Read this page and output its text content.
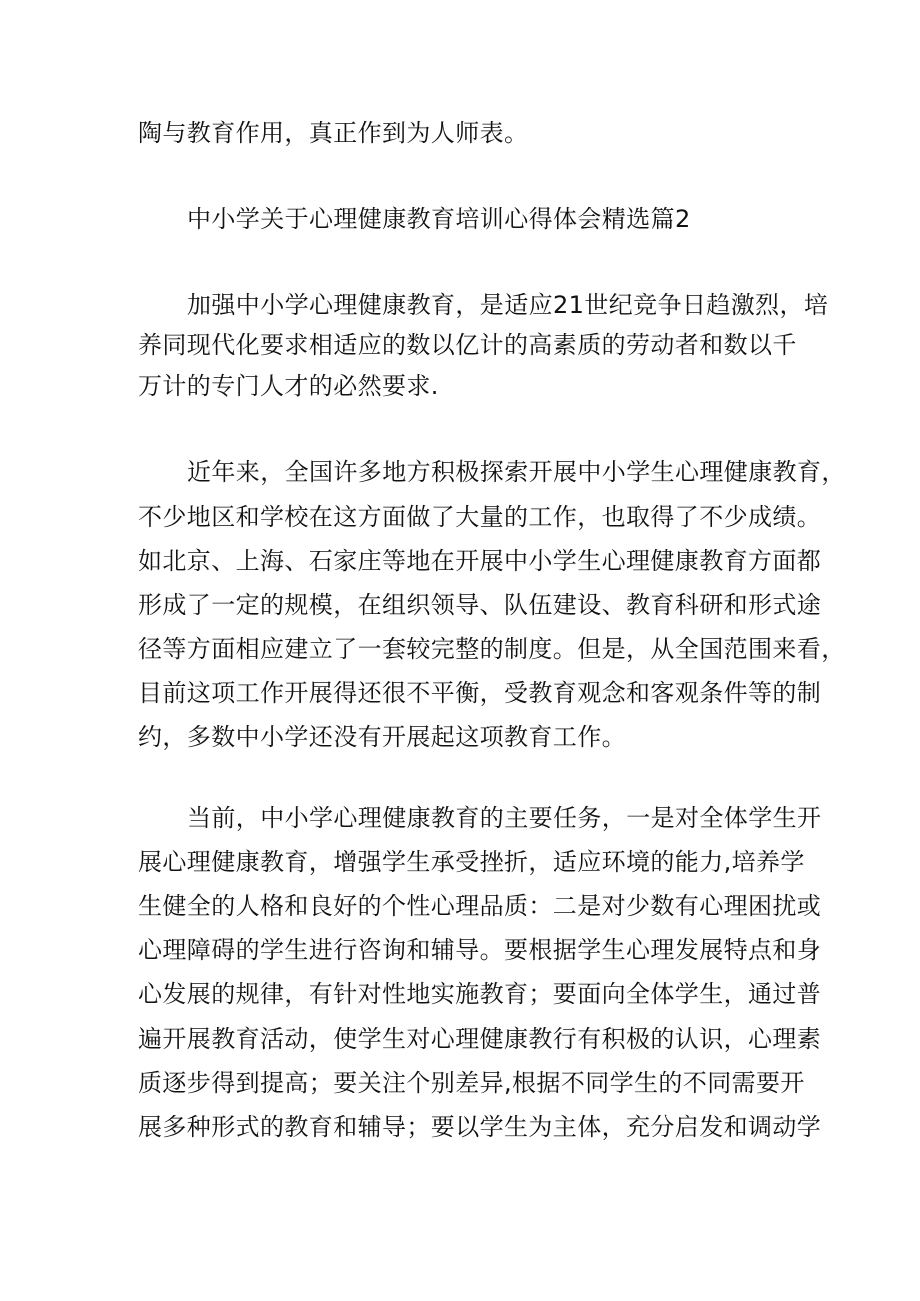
陶与教育作用，真正作到为人师表。
中小学关于心理健康教育培训心得体会精选篇2
加强中小学心理健康教育，是适应21世纪竞争日趋激烈，培
养同现代化要求相适应的数以亿计的高素质的劳动者和数以千
万计的专门人才的必然要求.
近年来，全国许多地方积极探索开展中小学生心理健康教育，
不少地区和学校在这方面做了大量的工作，也取得了不少成绩。
如北京、上海、石家庄等地在开展中小学生心理健康教育方面都
形成了一定的规模，在组织领导、队伍建设、教育科研和形式途
径等方面相应建立了一套较完整的制度。但是，从全国范围来看，
目前这项工作开展得还很不平衡，受教育观念和客观条件等的制
约，多数中小学还没有开展起这项教育工作。
当前，中小学心理健康教育的主要任务，一是对全体学生开
展心理健康教育，增强学生承受挫折，适应环境的能力,培养学
生健全的人格和良好的个性心理品质：二是对少数有心理困扰或
心理障碍的学生进行咨询和辅导。要根据学生心理发展特点和身
心发展的规律，有针对性地实施教育；要面向全体学生，通过普
遍开展教育活动，使学生对心理健康教行有积极的认识，心理素
质逐步得到提高；要关注个别差异,根据不同学生的不同需要开
展多种形式的教育和辅导；要以学生为主体，充分启发和调动学
